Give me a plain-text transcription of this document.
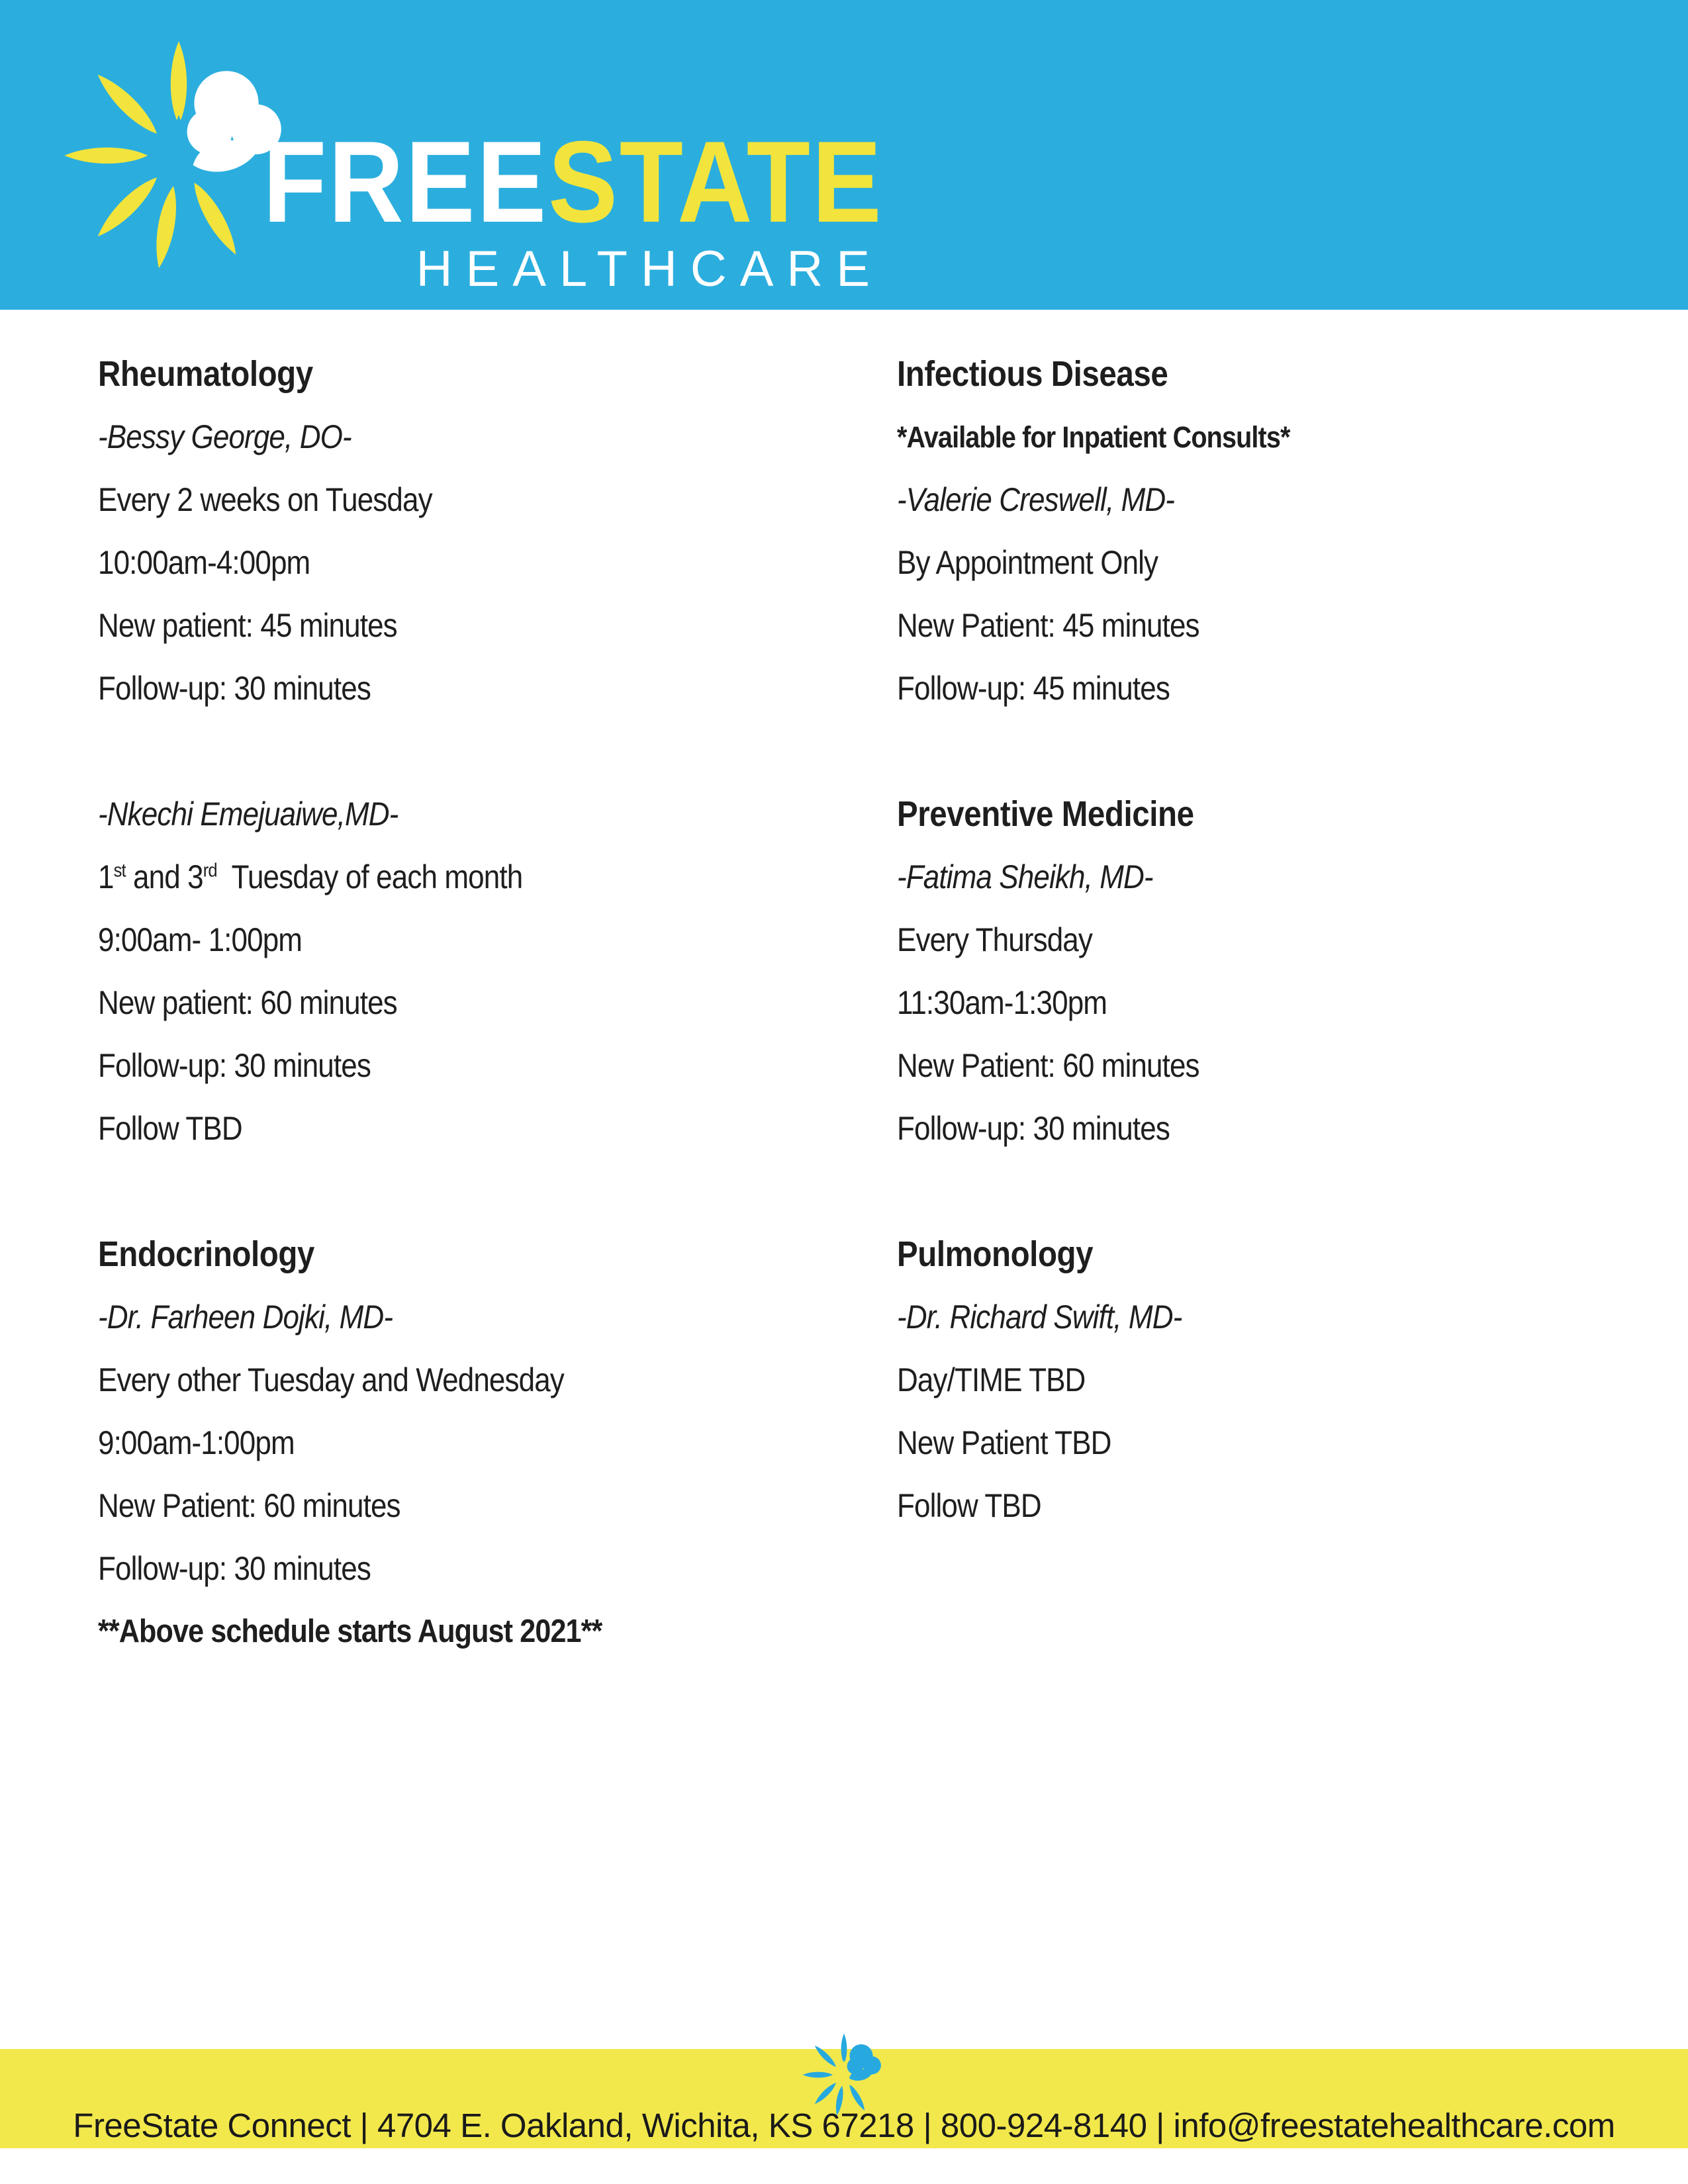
FREE STATE
HEALTHCARE
Rheumatology
-Bessy George, DO-
Every 2 weeks on Tuesday
10:00am-4:00pm
New patient: 45 minutes
Follow-up: 30 minutes
-Nkechi Emejuaiwe,MD-
1st and 3rd  Tuesday of each month
9:00am- 1:00pm
New patient: 60 minutes
Follow-up: 30 minutes
Follow TBD
Endocrinology
-Dr. Farheen Dojki, MD-
Every other Tuesday and Wednesday
9:00am-1:00pm
New Patient: 60 minutes
Follow-up: 30 minutes
**Above schedule starts August 2021**
Infectious Disease
*Available for Inpatient Consults*
-Valerie Creswell, MD-
By Appointment Only
New Patient: 45 minutes
Follow-up: 45 minutes
Preventive Medicine
-Fatima Sheikh, MD-
Every Thursday
11:30am-1:30pm
New Patient: 60 minutes
Follow-up: 30 minutes
Pulmonology
-Dr. Richard Swift, MD-
Day/TIME TBD
New Patient TBD
Follow TBD
FreeState Connect | 4704 E. Oakland, Wichita, KS 67218 | 800-924-8140 | info@freestatehealthcare.com
